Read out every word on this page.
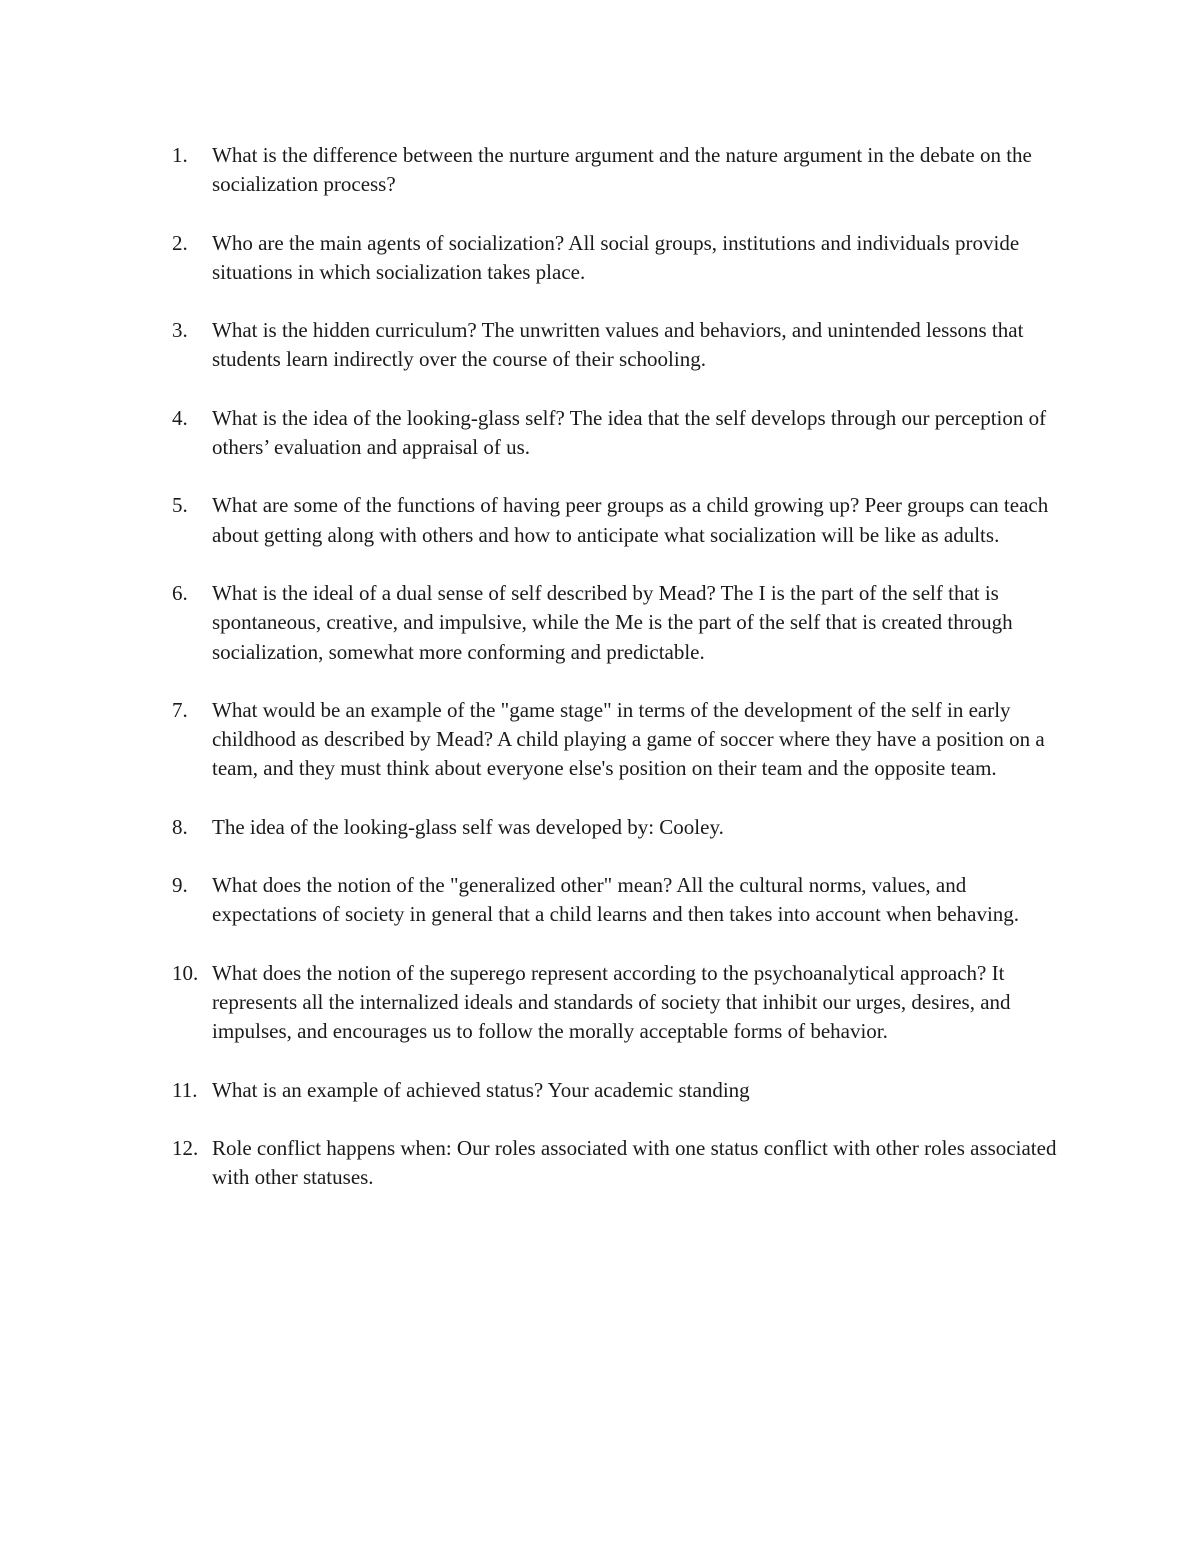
1.	What is the difference between the nurture argument and the nature argument in the debate on the socialization process?
2.	Who are the main agents of socialization? All social groups, institutions and individuals provide situations in which socialization takes place.
3.	What is the hidden curriculum? The unwritten values and behaviors, and unintended lessons that students learn indirectly over the course of their schooling.
4.	What is the idea of the looking-glass self? The idea that the self develops through our perception of others’ evaluation and appraisal of us.
5.	What are some of the functions of having peer groups as a child growing up? Peer groups can teach about getting along with others and how to anticipate what socialization will be like as adults.
6.	What is the ideal of a dual sense of self described by Mead? The I is the part of the self that is spontaneous, creative, and impulsive, while the Me is the part of the self that is created through socialization, somewhat more conforming and predictable.
7.	What would be an example of the "game stage" in terms of the development of the self in early childhood as described by Mead? A child playing a game of soccer where they have a position on a team, and they must think about everyone else's position on their team and the opposite team.
8.	The idea of the looking-glass self was developed by: Cooley.
9.	What does the notion of the "generalized other" mean? All the cultural norms, values, and expectations of society in general that a child learns and then takes into account when behaving.
10. What does the notion of the superego represent according to the psychoanalytical approach? It represents all the internalized ideals and standards of society that inhibit our urges, desires, and impulses, and encourages us to follow the morally acceptable forms of behavior.
11. What is an example of achieved status? Your academic standing
12. Role conflict happens when: Our roles associated with one status conflict with other roles associated with other statuses.
